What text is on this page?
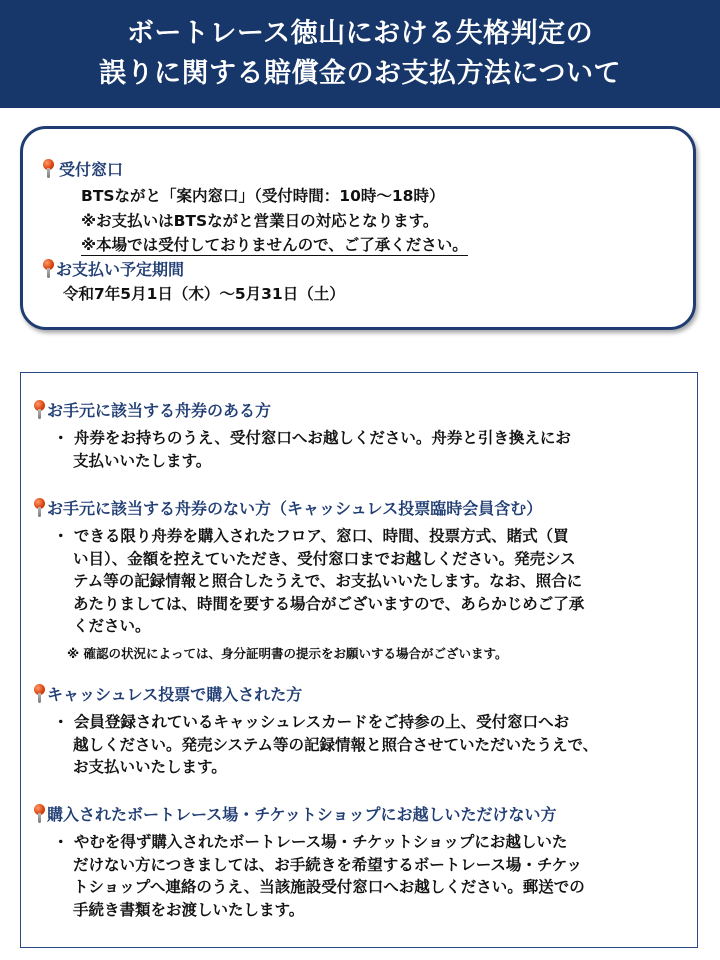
ボートレース徳山における失格判定の
誤りに関する賠償金のお支払方法について
受付窓口
BTSながと「案内窓口」（受付時間：10時～18時）
※お支払いはBTSながと営業日の対応となります。
※本場では受付しておりませんので、ご了承ください。
お支払い予定期間
令和7年5月1日（木）～5月31日（土）
お手元に該当する舟券のある方
・ 舟券をお持ちのうえ、受付窓口へお越しください。舟券と引き換えにお
支払いいたします。
お手元に該当する舟券のない方（キャッシュレス投票臨時会員含む）
・ できる限り舟券を購入されたフロア、窓口、時間、投票方式、賭式（買
い目）、金額を控えていただき、受付窓口までお越しください。発売シス
テム等の記録情報と照合したうえで、お支払いいたします。なお、照合に
あたりましては、時間を要する場合がございますので、あらかじめご了承
ください。
※ 確認の状況によっては、身分証明書の提示をお願いする場合がございます。
キャッシュレス投票で購入された方
・ 会員登録されているキャッシュレスカードをご持参の上、受付窓口へお
越しください。発売システム等の記録情報と照合させていただいたうえで、
お支払いいたします。
購入されたボートレース場・チケットショップにお越しいただけない方
・ やむを得ず購入されたボートレース場・チケットショップにお越しいた
だけない方につきましては、お手続きを希望するボートレース場・チケッ
トショップへ連絡のうえ、当該施設受付窓口へお越しください。郵送での
手続き書類をお渡しいたします。
